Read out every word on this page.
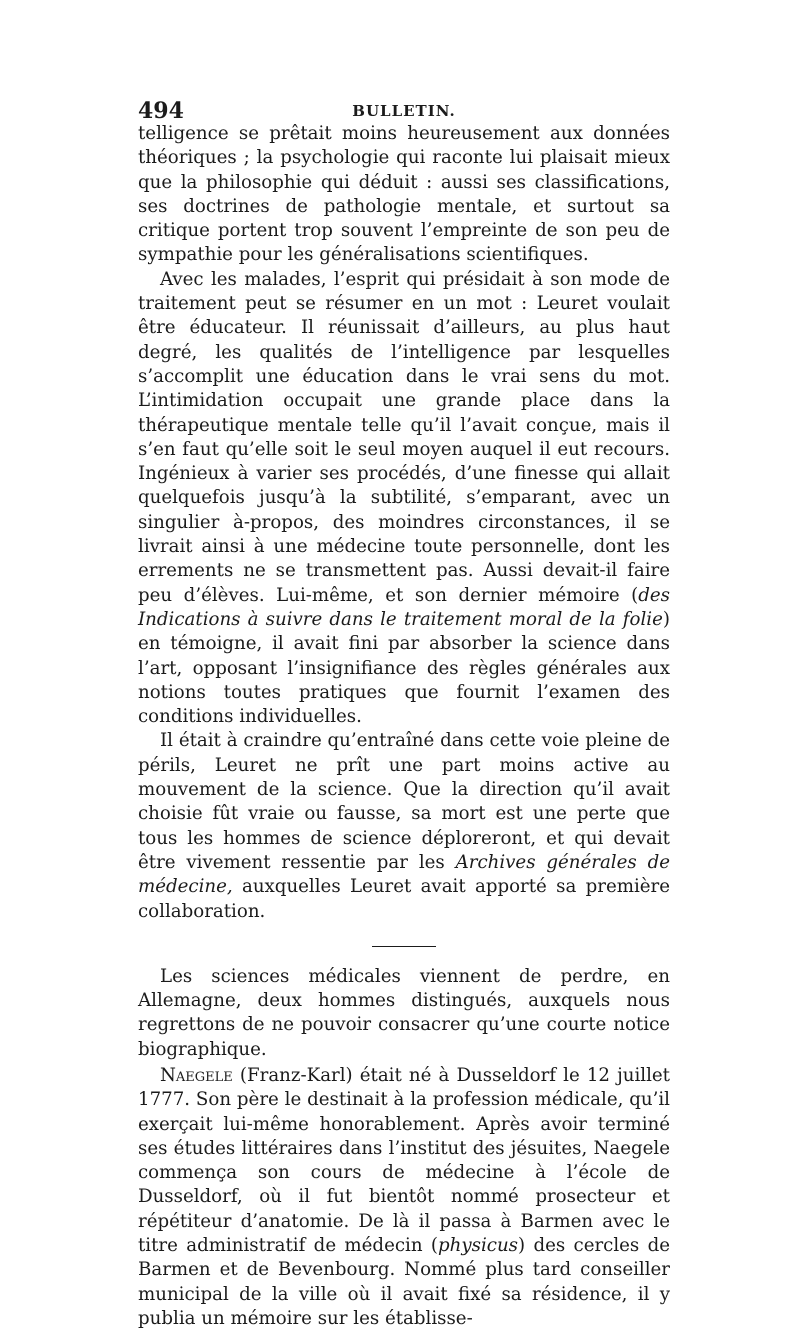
494	BULLETIN.

telligence se prêtait moins heureusement aux données théoriques ; la psychologie qui raconte lui plaisait mieux que la philosophie qui déduit : aussi ses classifications, ses doctrines de pathologie mentale, et surtout sa critique portent trop souvent l’empreinte de son peu de sympathie pour les généralisations scientifiques.

Avec les malades, l’esprit qui présidait à son mode de traitement peut se résumer en un mot : Leuret voulait être éducateur. Il réunissait d’ailleurs, au plus haut degré, les qualités de l’intelligence par lesquelles s’accomplit une éducation dans le vrai sens du mot. L’intimidation occupait une grande place dans la thérapeutique mentale telle qu’il l’avait conçue, mais il s’en faut qu’elle soit le seul moyen auquel il eut recours. Ingénieux à varier ses procédés, d’une finesse qui allait quelquefois jusqu’à la subtilité, s’emparant, avec un singulier à-propos, des moindres circonstances, il se livrait ainsi à une médecine toute personnelle, dont les errements ne se transmettent pas. Aussi devait-il faire peu d’élèves. Lui-même, et son dernier mémoire (des Indications à suivre dans le traitement moral de la folie) en témoigne, il avait fini par absorber la science dans l’art, opposant l’insignifiance des règles générales aux notions toutes pratiques que fournit l’examen des conditions individuelles.

Il était à craindre qu’entraîné dans cette voie pleine de périls, Leuret ne prît une part moins active au mouvement de la science. Que la direction qu’il avait choisie fût vraie ou fausse, sa mort est une perte que tous les hommes de science déploreront, et qui devait être vivement ressentie par les Archives générales de médecine, auxquelles Leuret avait apporté sa première collaboration.

Les sciences médicales viennent de perdre, en Allemagne, deux hommes distingués, auxquels nous regrettons de ne pouvoir consacrer qu’une courte notice biographique.

Naegele (Franz-Karl) était né à Dusseldorf le 12 juillet 1777. Son père le destinait à la profession médicale, qu’il exerçait lui-même honorablement. Après avoir terminé ses études littéraires dans l’institut des jésuites, Naegele commença son cours de médecine à l’école de Dusseldorf, où il fut bientôt nommé prosecteur et répétiteur d’anatomie. De là il passa à Barmen avec le titre administratif de médecin (physicus) des cercles de Barmen et de Bevenbourg. Nommé plus tard conseiller municipal de la ville où il avait fixé sa résidence, il y publia un mémoire sur les établisse-
